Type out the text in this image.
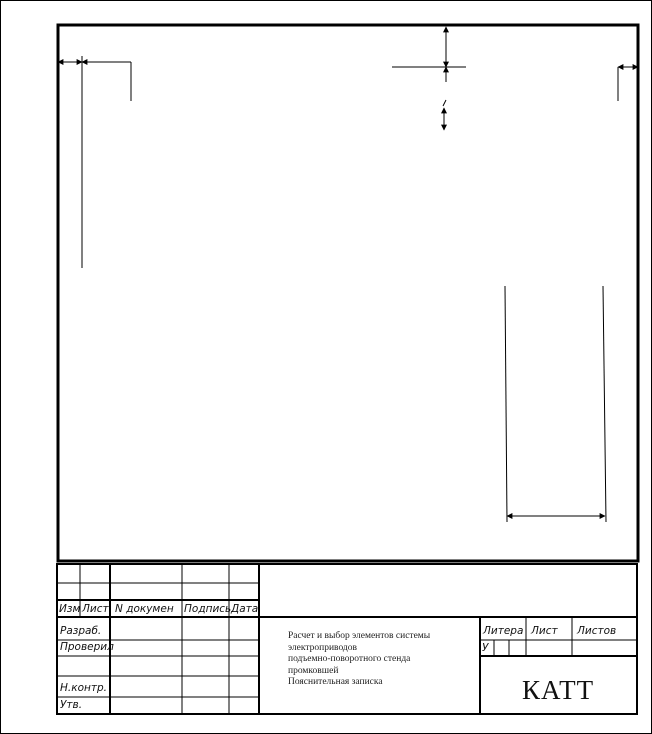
Изм Лист N докумен Подпись Дата
Разраб.
Проверил
Н.контр.
Утв.
Расчет и выбор элементов системы
электроприводов
подъемно-поворотного стенда
промковшей
Пояснительная записка
Литера Лист Листов
У
КАТТ
